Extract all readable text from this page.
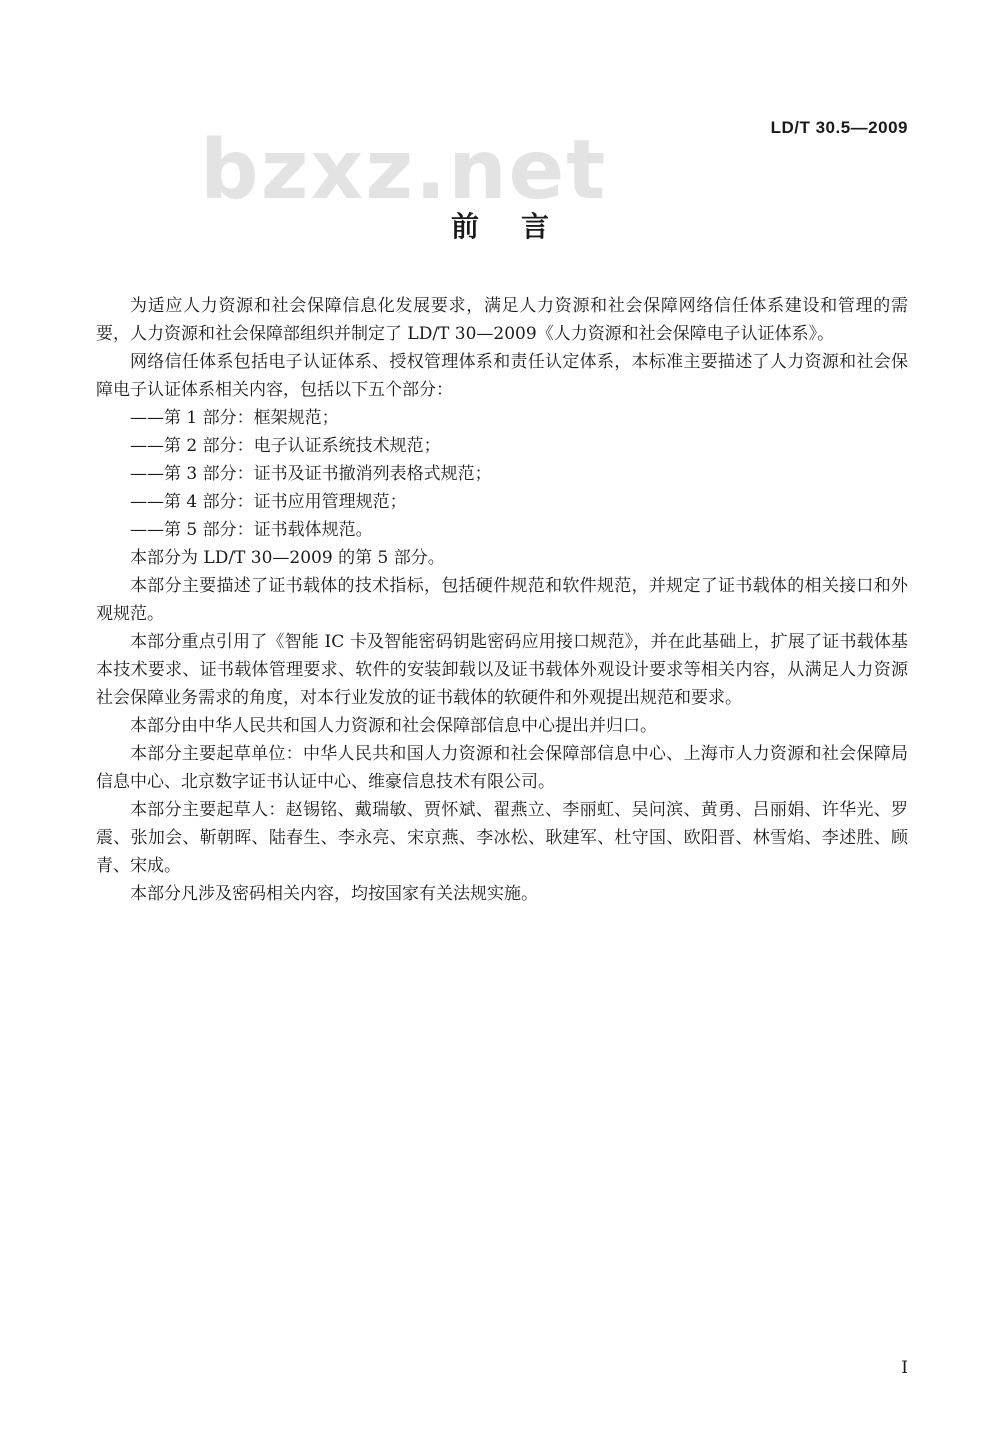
LD/T 30.5—2009
bzxz.net
前言

为适应人力资源和社会保障信息化发展要求，满足人力资源和社会保障网络信任体系建设和管理的需要，人力资源和社会保障部组织并制定了 LD/T 30—2009《人力资源和社会保障电子认证体系》。

网络信任体系包括电子认证体系、授权管理体系和责任认定体系，本标准主要描述了人力资源和社会保障电子认证体系相关内容，包括以下五个部分：

——第 1 部分：框架规范；

——第 2 部分：电子认证系统技术规范；

——第 3 部分：证书及证书撤消列表格式规范；

——第 4 部分：证书应用管理规范；

——第 5 部分：证书载体规范。

本部分为 LD/T 30—2009 的第 5 部分。

本部分主要描述了证书载体的技术指标，包括硬件规范和软件规范，并规定了证书载体的相关接口和外观规范。

本部分重点引用了《智能 IC 卡及智能密码钥匙密码应用接口规范》，并在此基础上，扩展了证书载体基本技术要求、证书载体管理要求、软件的安装卸载以及证书载体外观设计要求等相关内容，从满足人力资源社会保障业务需求的角度，对本行业发放的证书载体的软硬件和外观提出规范和要求。

本部分由中华人民共和国人力资源和社会保障部信息中心提出并归口。

本部分主要起草单位：中华人民共和国人力资源和社会保障部信息中心、上海市人力资源和社会保障局信息中心、北京数字证书认证中心、维豪信息技术有限公司。

本部分主要起草人：赵锡铭、戴瑞敏、贾怀斌、翟燕立、李丽虹、吴问滨、黄勇、吕丽娟、许华光、罗震、张加会、靳朝晖、陆春生、李永亮、宋京燕、李冰松、耿建军、杜守国、欧阳晋、林雪焰、李述胜、顾青、宋成。

本部分凡涉及密码相关内容，均按国家有关法规实施。

I
